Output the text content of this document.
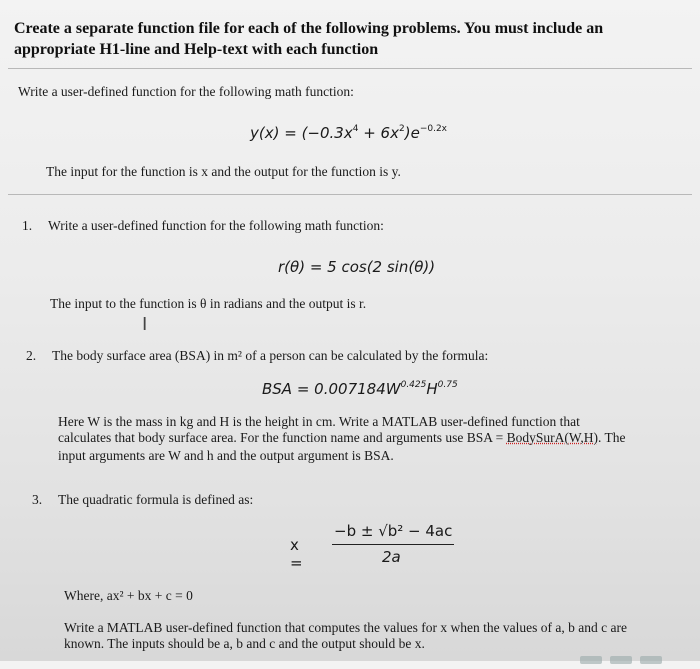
Create a separate function file for each of the following problems. You must include an
appropriate H1-line and Help-text with each function
Write a user-defined function for the following math function:
$y(x) = (-0.3x^4 + 6x^2)e^{-0.2x}$
The input for the function is x and the output for the function is y.
1. Write a user-defined function for the following math function:
r(θ) = 5 cos(2 sin(θ))
The input to the function is θ in radians and the output is r.
I
2. The body surface area (BSA) in m² of a person can be calculated by the formula:
BSA = $0.007184W^{0.425}H^{0.75}$
Here W is the mass in kg and H is the height in cm. Write a MATLAB user-defined function that
calculates that body surface area. For the function name and arguments use BSA = BodySurA(W,H). The
input arguments are W and h and the output argument is BSA.
3. The quadratic formula is defined as:
x =
−b ± √b² − 4ac
2a
Where, ax² + bx + c = 0
Write a MATLAB user-defined function that computes the values for x when the values of a, b and c are
known. The inputs should be a, b and c and the output should be x.
